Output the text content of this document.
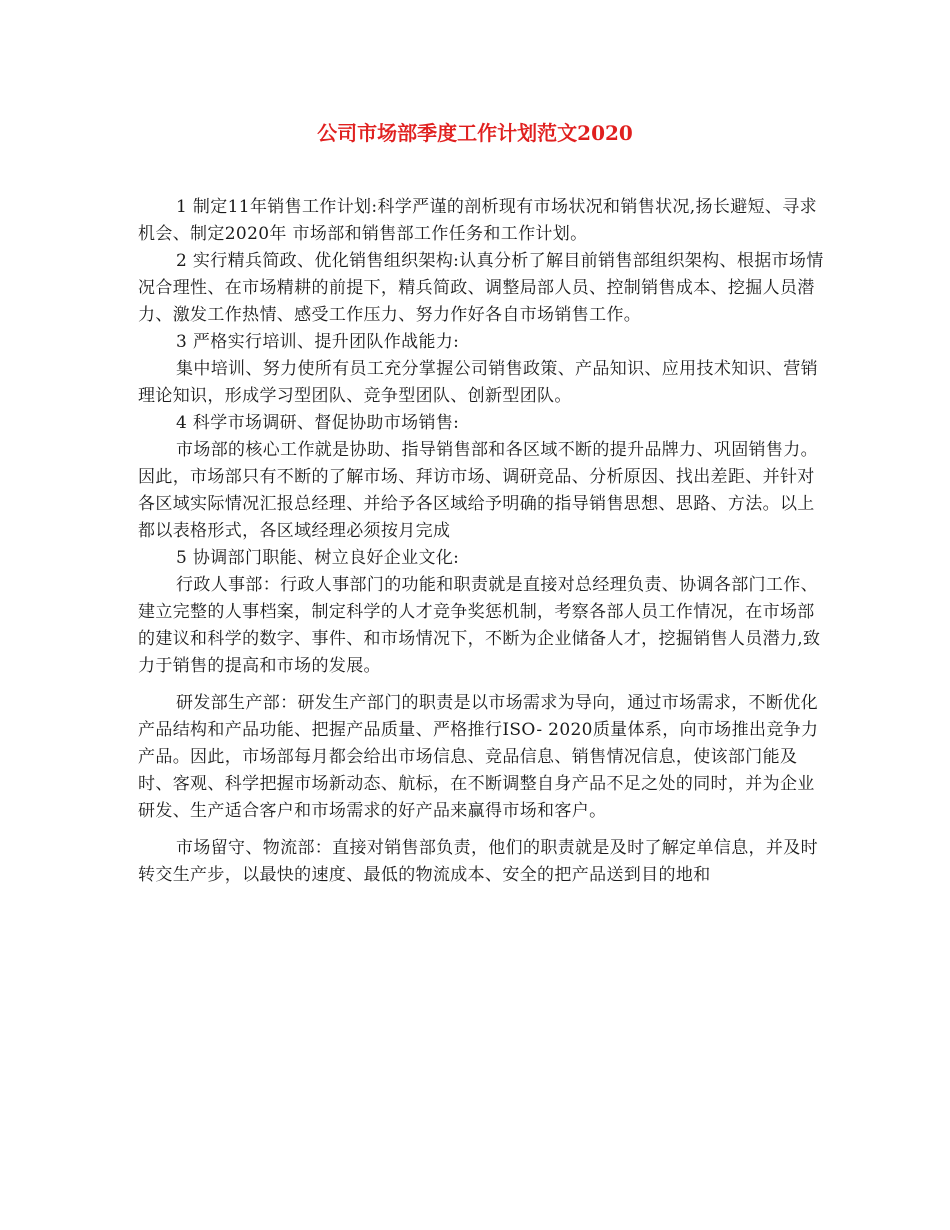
公司市场部季度工作计划范文2020

1 制定11年销售工作计划:科学严谨的剖析现有市场状况和销售状况,扬长避短、寻求机会、制定2020年 市场部和销售部工作任务和工作计划。

2 实行精兵简政、优化销售组织架构:认真分析了解目前销售部组织架构、根据市场情况合理性、在市场精耕的前提下，精兵简政、调整局部人员、控制销售成本、挖掘人员潜力、激发工作热情、感受工作压力、努力作好各自市场销售工作。

3 严格实行培训、提升团队作战能力:

集中培训、努力使所有员工充分掌握公司销售政策、产品知识、应用技术知识、营销理论知识，形成学习型团队、竞争型团队、创新型团队。

4 科学市场调研、督促协助市场销售:

市场部的核心工作就是协助、指导销售部和各区域不断的提升品牌力、巩固销售力。因此，市场部只有不断的了解市场、拜访市场、调研竞品、分析原因、找出差距、并针对各区域实际情况汇报总经理、并给予各区域给予明确的指导销售思想、思路、方法。以上都以表格形式，各区域经理必须按月完成

5 协调部门职能、树立良好企业文化:

行政人事部：行政人事部门的功能和职责就是直接对总经理负责、协调各部门工作、建立完整的人事档案，制定科学的人才竞争奖惩机制，考察各部人员工作情况，在市场部的建议和科学的数字、事件、和市场情况下，不断为企业储备人才，挖掘销售人员潜力,致力于销售的提高和市场的发展。

研发部生产部：研发生产部门的职责是以市场需求为导向，通过市场需求，不断优化产品结构和产品功能、把握产品质量、严格推行ISO- 2020质量体系，向市场推出竞争力产品。因此，市场部每月都会给出市场信息、竞品信息、销售情况信息，使该部门能及时、客观、科学把握市场新动态、航标，在不断调整自身产品不足之处的同时，并为企业研发、生产适合客户和市场需求的好产品来赢得市场和客户。

市场留守、物流部：直接对销售部负责，他们的职责就是及时了解定单信息，并及时转交生产步，以最快的速度、最低的物流成本、安全的把产品送到目的地和
